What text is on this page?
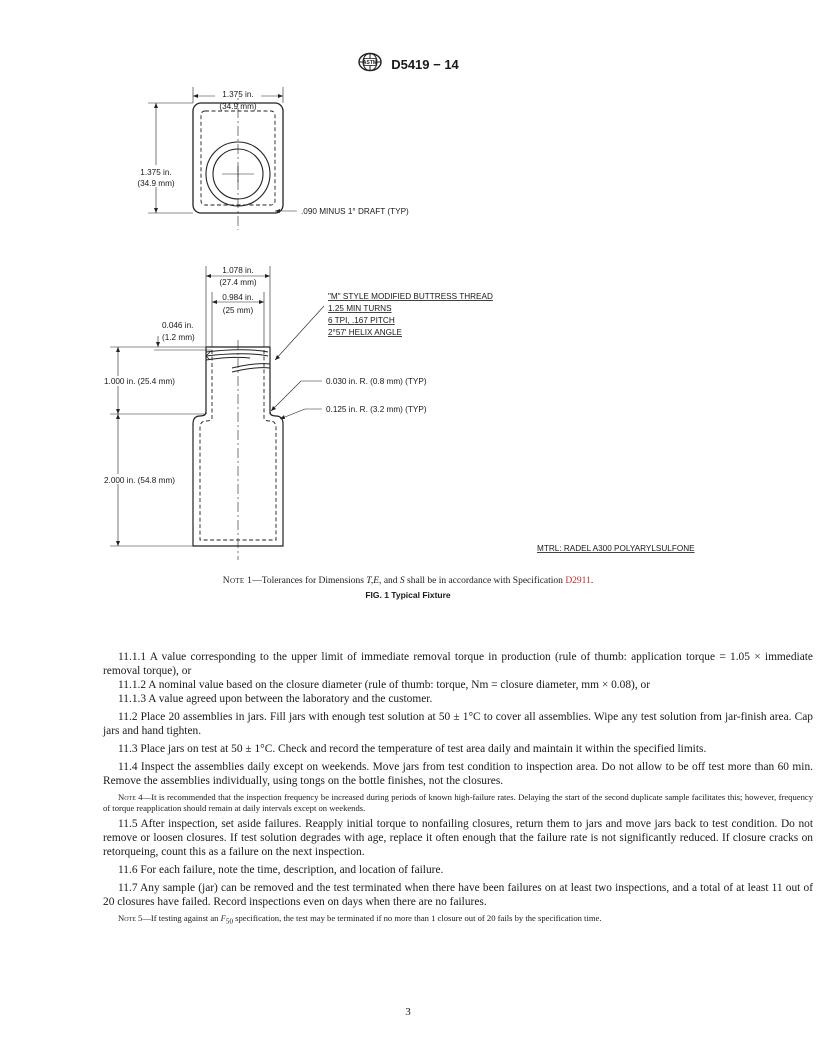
ASTM D5419 − 14
1.375 in.
(34.9 mm)
1.375 in.
(34.9 mm)
.090 MINUS 1° DRAFT (TYP)
1.078 in.
(27.4 mm)
0.984 in.
(25 mm)
0.046 in.
(1.2 mm)
1.000 in. (25.4 mm)
2.000 in. (54.8 mm)
"M" STYLE MODIFIED BUTTRESS THREAD
1.25 MIN TURNS
6 TPI, .167 PITCH
2°57' HELIX ANGLE
0.030 in. R. (0.8 mm) (TYP)
0.125 in. R. (3.2 mm) (TYP)
MTRL: RADEL A300 POLYARYLSULFONE
Note 1—Tolerances for Dimensions T,E, and S shall be in accordance with Specification D2911.
FIG. 1 Typical Fixture

11.1.1 A value corresponding to the upper limit of immediate removal torque in production (rule of thumb: application torque = 1.05 × immediate removal torque), or

11.1.2 A nominal value based on the closure diameter (rule of thumb: torque, Nm = closure diameter, mm × 0.08), or

11.1.3 A value agreed upon between the laboratory and the customer.

11.2 Place 20 assemblies in jars. Fill jars with enough test solution at 50 ± 1°C to cover all assemblies. Wipe any test solution from jar-finish area. Cap jars and hand tighten.

11.3 Place jars on test at 50 ± 1°C. Check and record the temperature of test area daily and maintain it within the specified limits.

11.4 Inspect the assemblies daily except on weekends. Move jars from test condition to inspection area. Do not allow to be off test more than 60 min. Remove the assemblies individually, using tongs on the bottle finishes, not the closures.

Note 4—It is recommended that the inspection frequency be increased during periods of known high-failure rates. Delaying the start of the second duplicate sample facilitates this; however, frequency of torque reapplication should remain at daily intervals except on weekends.

11.5 After inspection, set aside failures. Reapply initial torque to nonfailing closures, return them to jars and move jars back to test condition. Do not remove or loosen closures. If test solution degrades with age, replace it often enough that the failure rate is not significantly reduced. If closure cracks on retorqueing, count this as a failure on the next inspection.

11.6 For each failure, note the time, description, and location of failure.

11.7 Any sample (jar) can be removed and the test terminated when there have been failures on at least two inspections, and a total of at least 11 out of 20 closures have failed. Record inspections even on days when there are no failures.

Note 5—If testing against an $F_{50}$ specification, the test may be terminated if no more than 1 closure out of 20 fails by the specification time.

3
